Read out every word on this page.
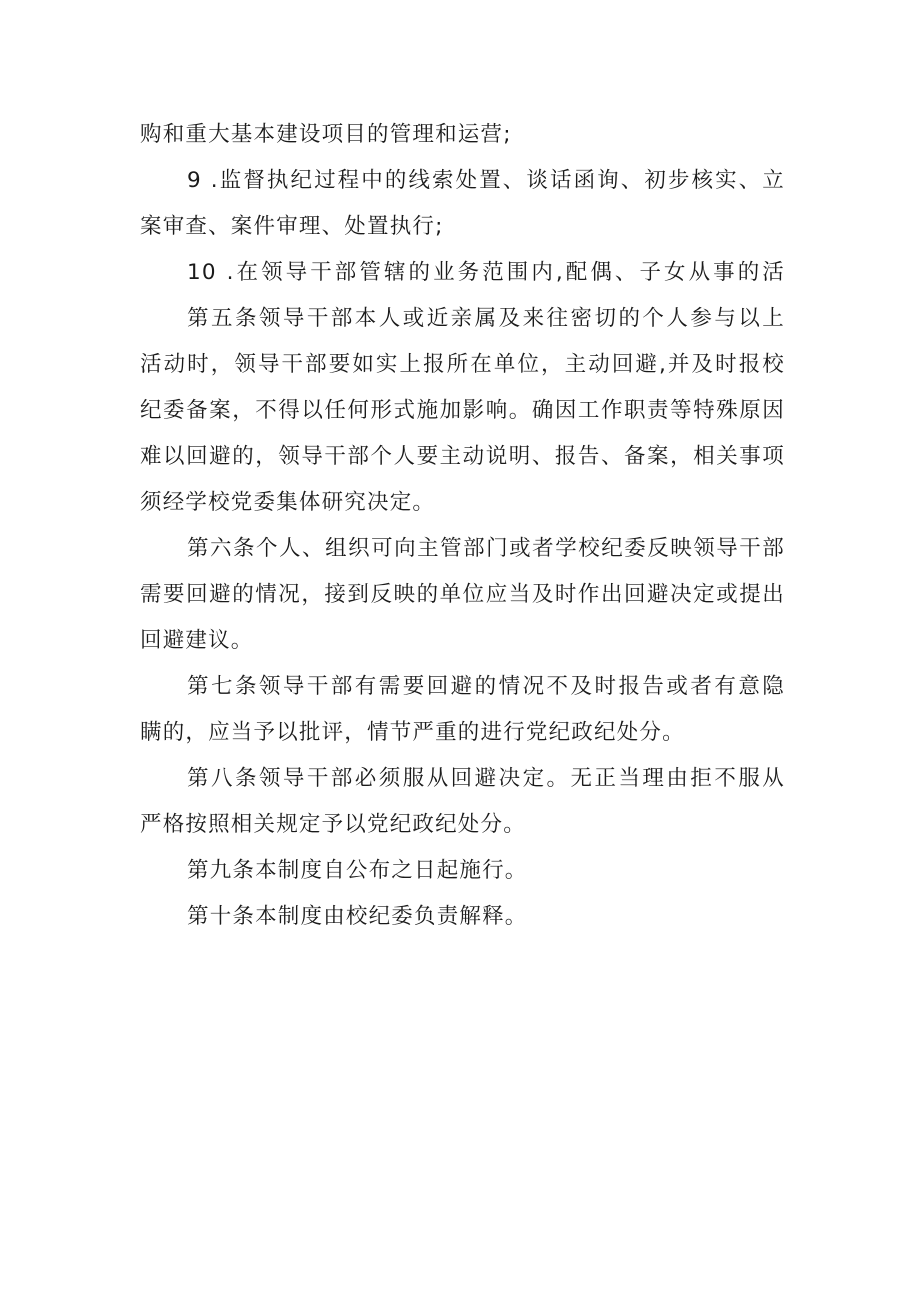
购和重大基本建设项目的管理和运营;
9 .监督执纪过程中的线索处置、谈话函询、初步核实、立
案审查、案件审理、处置执行;
10 .在领导干部管辖的业务范围内,配偶、子女从事的活
第五条领导干部本人或近亲属及来往密切的个人参与以上
活动时，领导干部要如实上报所在单位，主动回避,并及时报校
纪委备案，不得以任何形式施加影响。确因工作职责等特殊原因
难以回避的，领导干部个人要主动说明、报告、备案，相关事项
须经学校党委集体研究决定。
第六条个人、组织可向主管部门或者学校纪委反映领导干部
需要回避的情况，接到反映的单位应当及时作出回避决定或提出
回避建议。
第七条领导干部有需要回避的情况不及时报告或者有意隐
瞒的，应当予以批评，情节严重的进行党纪政纪处分。
第八条领导干部必须服从回避决定。无正当理由拒不服从
严格按照相关规定予以党纪政纪处分。
第九条本制度自公布之日起施行。
第十条本制度由校纪委负责解释。
